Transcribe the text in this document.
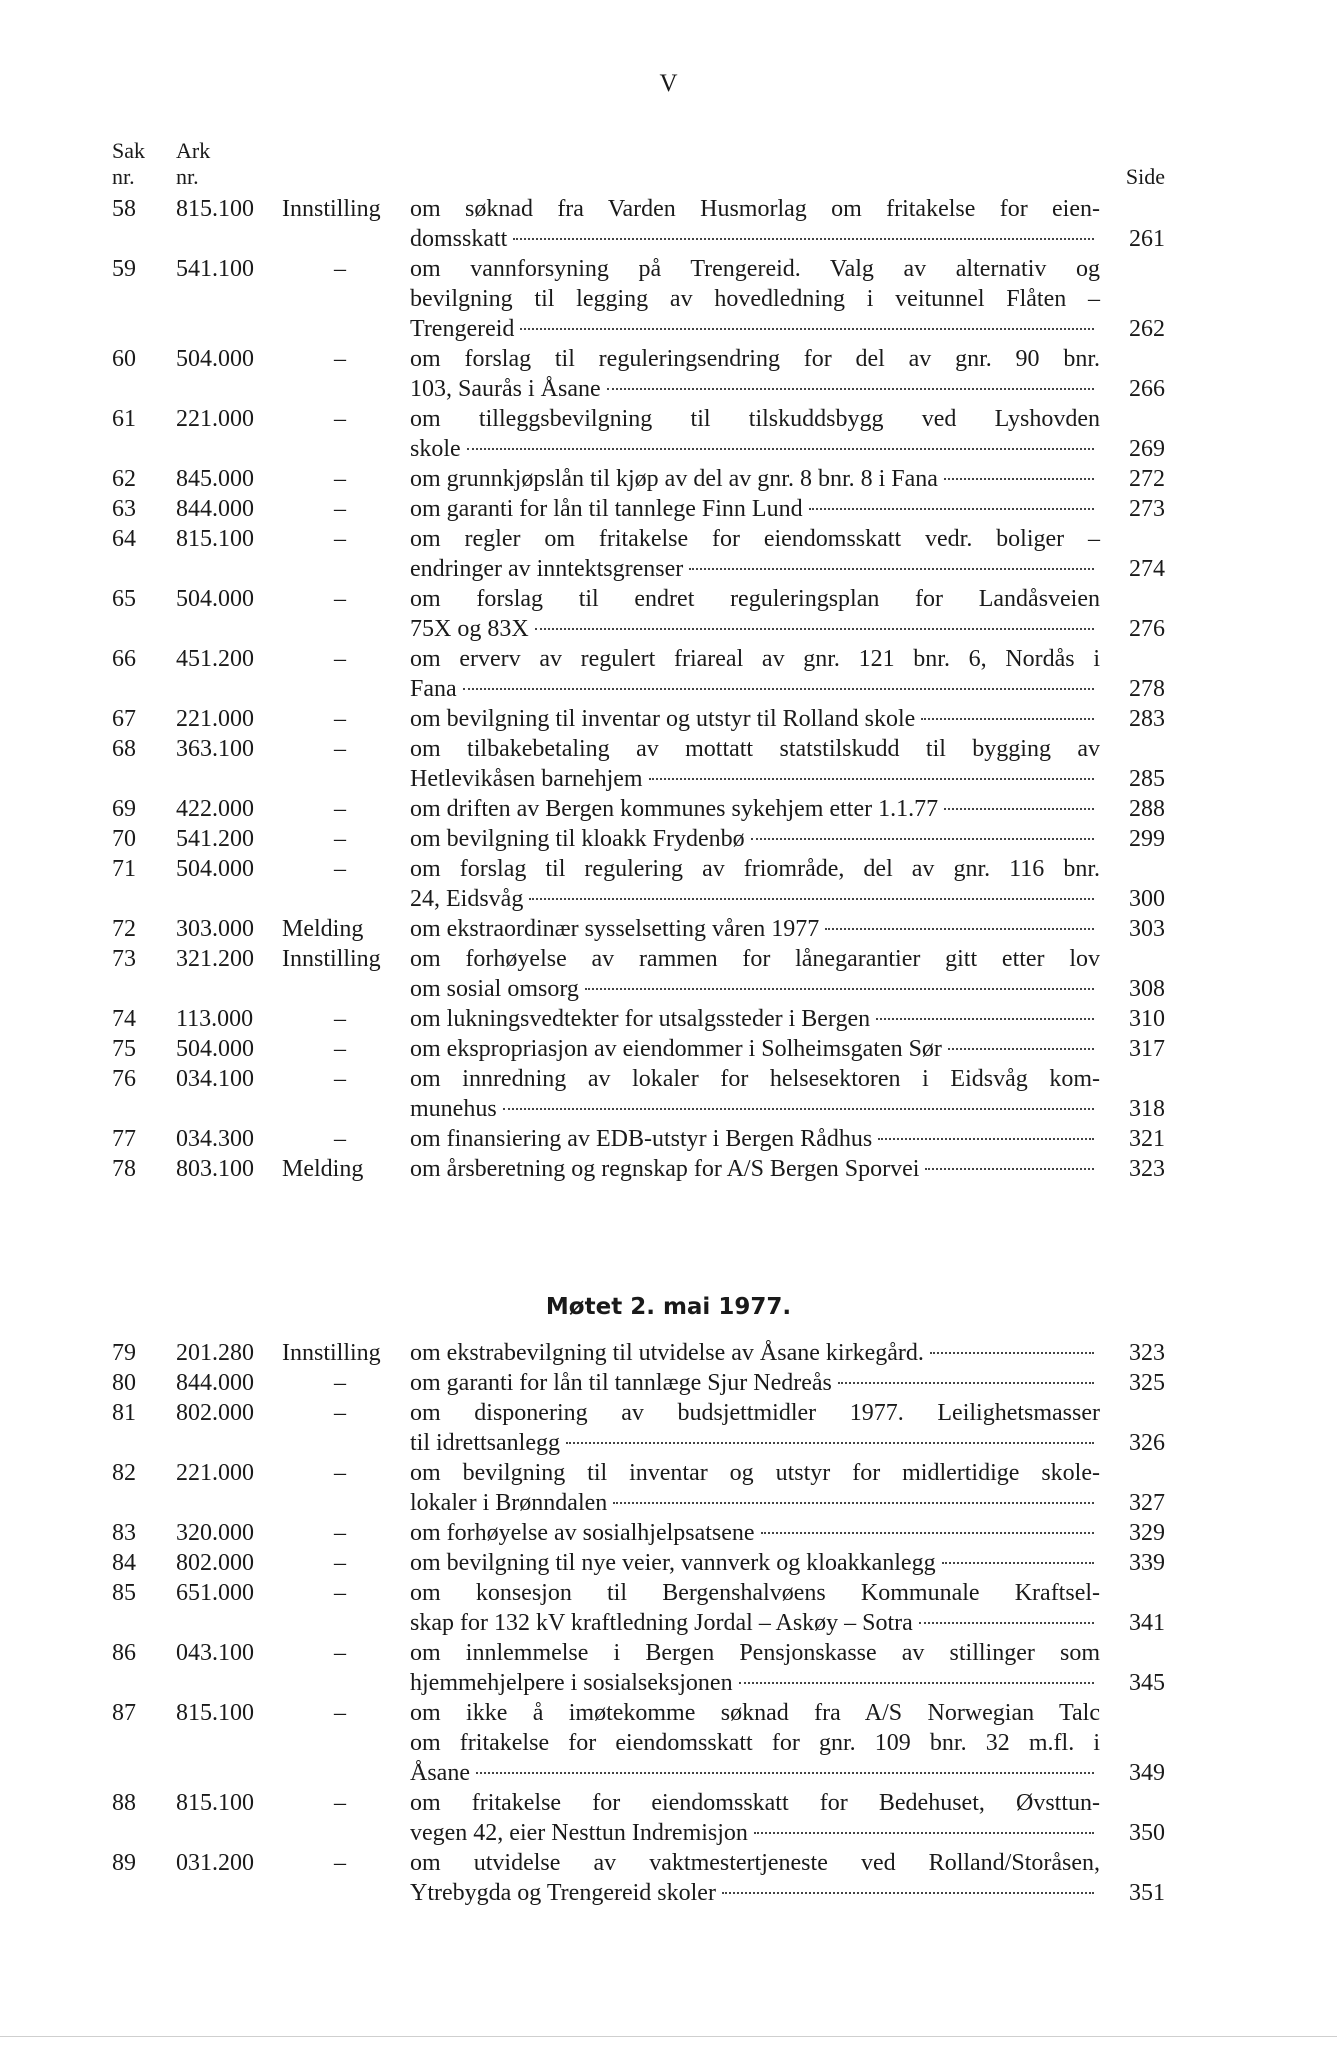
V
Sak
nr.
Ark
nr.	Side
58 815.100 Innstilling om søknad fra Varden Husmorlag om fritakelse for eien-
domsskatt	261
59 541.100	–	om vannforsyning på Trengereid. Valg av alternativ og
bevilgning til legging av hovedledning i veitunnel Flåten –
Trengereid	262
60 504.000	–	om forslag til reguleringsendring for del av gnr. 90 bnr.
103, Saurås i Åsane	266
61 221.000	–	om tilleggsbevilgning til tilskuddsbygg ved Lyshovden
skole	269
62 845.000	–	om grunnkjøpslån til kjøp av del av gnr. 8 bnr. 8 i Fana	272
63 844.000	–	om garanti for lån til tannlege Finn Lund	273
64 815.100	–	om regler om fritakelse for eiendomsskatt vedr. boliger –
endringer av inntektsgrenser	274
65 504.000	–	om forslag til endret reguleringsplan for Landåsveien
75X og 83X	276
66 451.200	–	om erverv av regulert friareal av gnr. 121 bnr. 6, Nordås i
Fana	278
67 221.000	–	om bevilgning til inventar og utstyr til Rolland skole	283
68 363.100	–	om tilbakebetaling av mottatt statstilskudd til bygging av
Hetlevikåsen barnehjem	285
69 422.000	–	om driften av Bergen kommunes sykehjem etter 1.1.77	288
70 541.200	–	om bevilgning til kloakk Frydenbø	299
71 504.000	–	om forslag til regulering av friområde, del av gnr. 116 bnr.
24, Eidsvåg	300
72 303.000 Melding om ekstraordinær sysselsetting våren 1977	303
73 321.200 Innstilling om forhøyelse av rammen for lånegarantier gitt etter lov
om sosial omsorg	308
74 113.000	–	om lukningsvedtekter for utsalgssteder i Bergen	310
75 504.000	–	om ekspropriasjon av eiendommer i Solheimsgaten Sør	317
76 034.100	–	om innredning av lokaler for helsesektoren i Eidsvåg kom-
munehus	318
77 034.300	–	om finansiering av EDB-utstyr i Bergen Rådhus	321
78 803.100 Melding om årsberetning og regnskap for A/S Bergen Sporvei	323
Møtet 2. mai 1977.
79 201.280 Innstilling om ekstrabevilgning til utvidelse av Åsane kirkegård.	323
80 844.000	–	om garanti for lån til tannlæge Sjur Nedreås	325
81 802.000	–	om disponering av budsjettmidler 1977. Leilighetsmasser
til idrettsanlegg	326
82 221.000	–	om bevilgning til inventar og utstyr for midlertidige skole-
lokaler i Brønndalen	327
83 320.000	–	om forhøyelse av sosialhjelpsatsene	329
84 802.000	–	om bevilgning til nye veier, vannverk og kloakkanlegg	339
85 651.000	–	om konsesjon til Bergenshalvøens Kommunale Kraftsel-
skap for 132 kV kraftledning Jordal – Askøy – Sotra	341
86 043.100	–	om innlemmelse i Bergen Pensjonskasse av stillinger som
hjemmehjelpere i sosialseksjonen	345
87 815.100	–	om ikke å imøtekomme søknad fra A/S Norwegian Talc
om fritakelse for eiendomsskatt for gnr. 109 bnr. 32 m.fl. i
Åsane	349
88 815.100	–	om fritakelse for eiendomsskatt for Bedehuset, Øvsttun-
vegen 42, eier Nesttun Indremisjon	350
89 031.200	–	om utvidelse av vaktmestertjeneste ved Rolland/Storåsen,
Ytrebygda og Trengereid skoler	351
